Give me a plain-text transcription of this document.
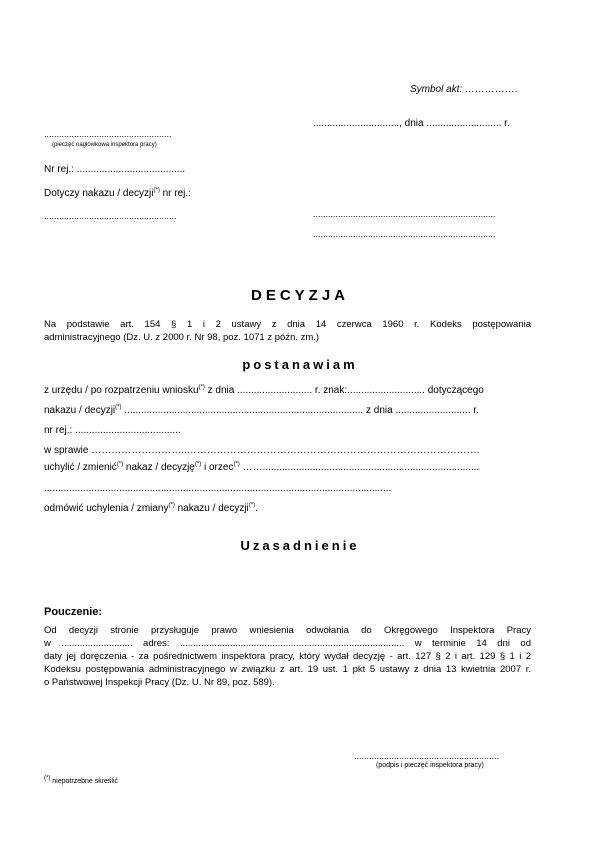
Symbol akt: …………….
...................................................
(pieczęć nagłówkowa inspektora pracy)
..............................., dnia ........................... r.
Nr rej.: .......................................
Dotyczy nakazu / decyzji(*) nr rej.:
.....................................................	.........................................................................
.........................................................................
DECYZJA
Na podstawie art. 154 § 1 i 2 ustawy z dnia 14 czerwca 1960 r. Kodeks postępowania
administracyjnego (Dz. U. z 2000 r. Nr 98, poz. 1071 z późn. zm.)
postanawiam
z urzędu / po rozpatrzeniu wniosku(*) z dnia ........................... r. znak:............................ dotyczącego
nakazu / decyzji(*) ...................................................................................... z dnia ........................... r.
nr rej.: ......................................
w sprawie ………………………..…………………………………………………………………………….
uchylić / zmienić(*) nakaz / decyzję(*) i orzec(*) ……..............................................................................
.............................................................................................................................
odmówić uchylenia / zmiany(*) nakazu / decyzji(*).
Uzasadnienie
Pouczenie:
Od decyzji stronie przysługuje prawo wniesienia odwołania do Okręgowego Inspektora Pracy
w ........................... adres: ..................................................................................... w terminie 14 dni od
daty jej doręczenia - za pośrednictwem inspektora pracy, który wydał decyzję - art. 127 § 2 i art. 129 § 1 i 2
Kodeksu postępowania administracyjnego w związku z art. 19 ust. 1 pkt 5 ustawy z dnia 13 kwietnia 2007 r.
o Państwowej Inspekcji Pracy (Dz. U. Nr 89, poz. 589).
..........................................................
(podpis i pieczęć inspektora pracy)
(*) niepotrzebne skreślić
